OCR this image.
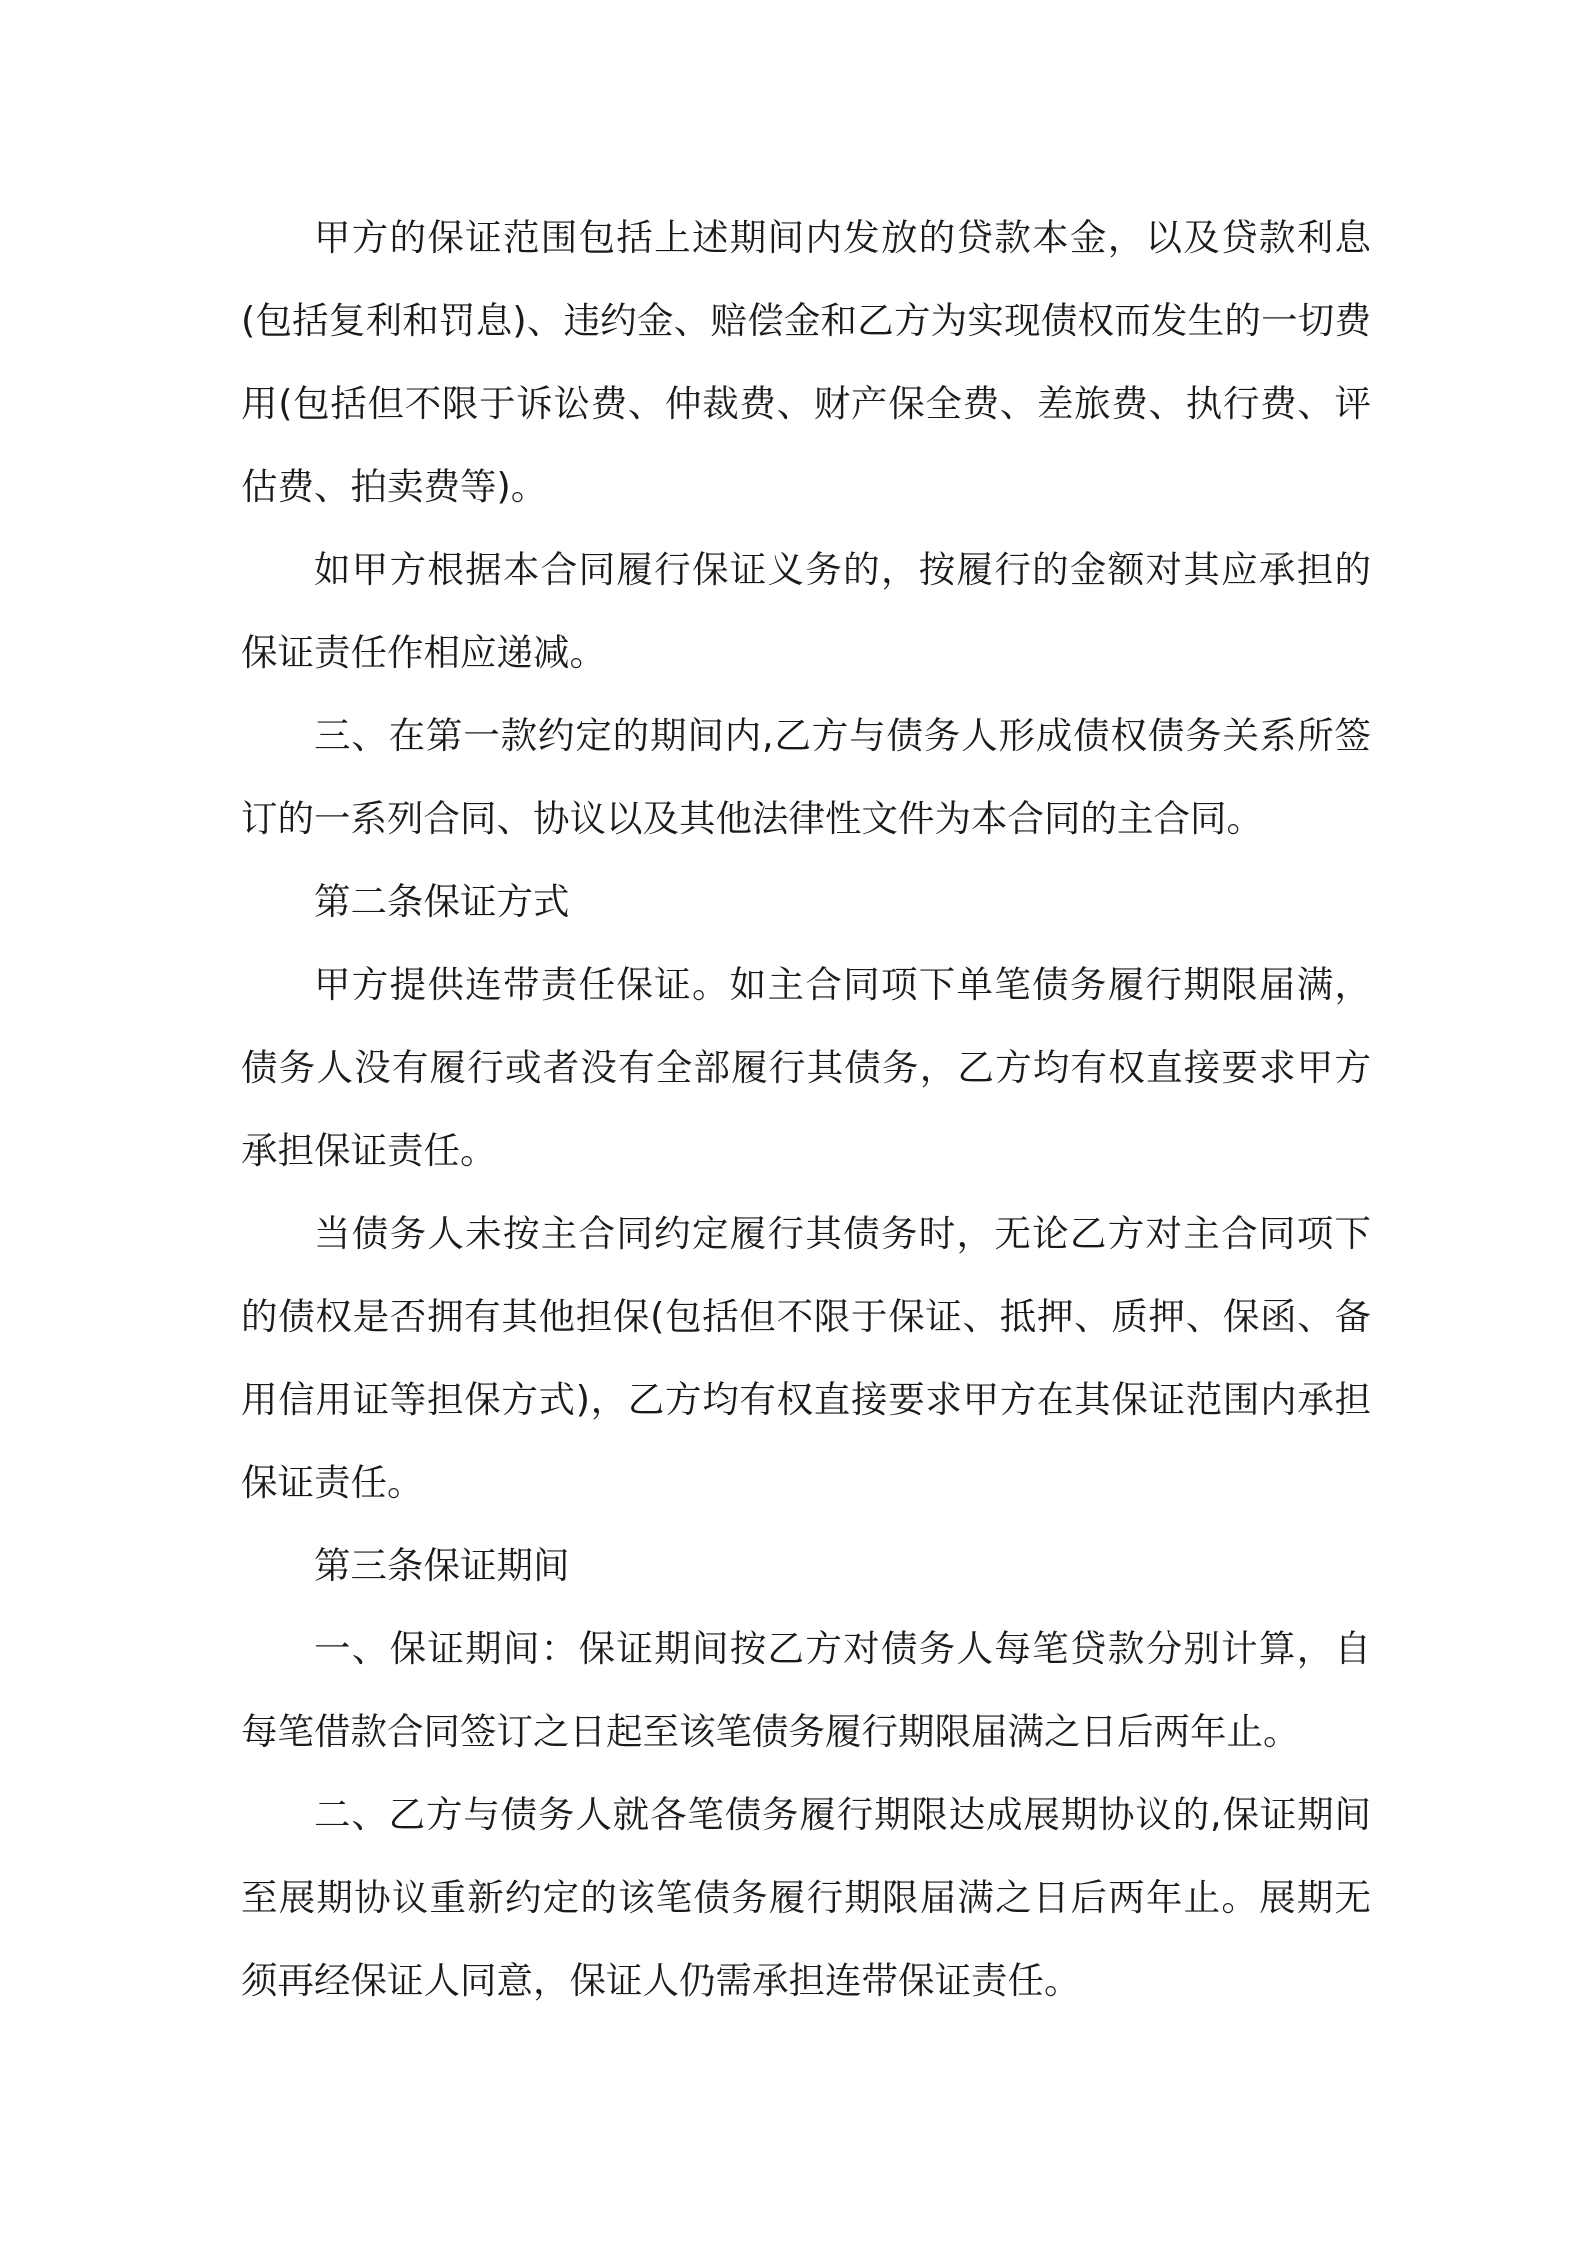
甲方的保证范围包括上述期间内发放的贷款本金，以及贷款利息(包括复利和罚息)、违约金、赔偿金和乙方为实现债权而发生的一切费用(包括但不限于诉讼费、仲裁费、财产保全费、差旅费、执行费、评估费、拍卖费等)。

如甲方根据本合同履行保证义务的，按履行的金额对其应承担的保证责任作相应递减。

三、在第一款约定的期间内,乙方与债务人形成债权债务关系所签订的一系列合同、协议以及其他法律性文件为本合同的主合同。

第二条保证方式

甲方提供连带责任保证。如主合同项下单笔债务履行期限届满，债务人没有履行或者没有全部履行其债务，乙方均有权直接要求甲方承担保证责任。

当债务人未按主合同约定履行其债务时，无论乙方对主合同项下的债权是否拥有其他担保(包括但不限于保证、抵押、质押、保函、备用信用证等担保方式)，乙方均有权直接要求甲方在其保证范围内承担保证责任。

第三条保证期间

一、保证期间：保证期间按乙方对债务人每笔贷款分别计算，自每笔借款合同签订之日起至该笔债务履行期限届满之日后两年止。

二、乙方与债务人就各笔债务履行期限达成展期协议的,保证期间至展期协议重新约定的该笔债务履行期限届满之日后两年止。展期无须再经保证人同意，保证人仍需承担连带保证责任。
